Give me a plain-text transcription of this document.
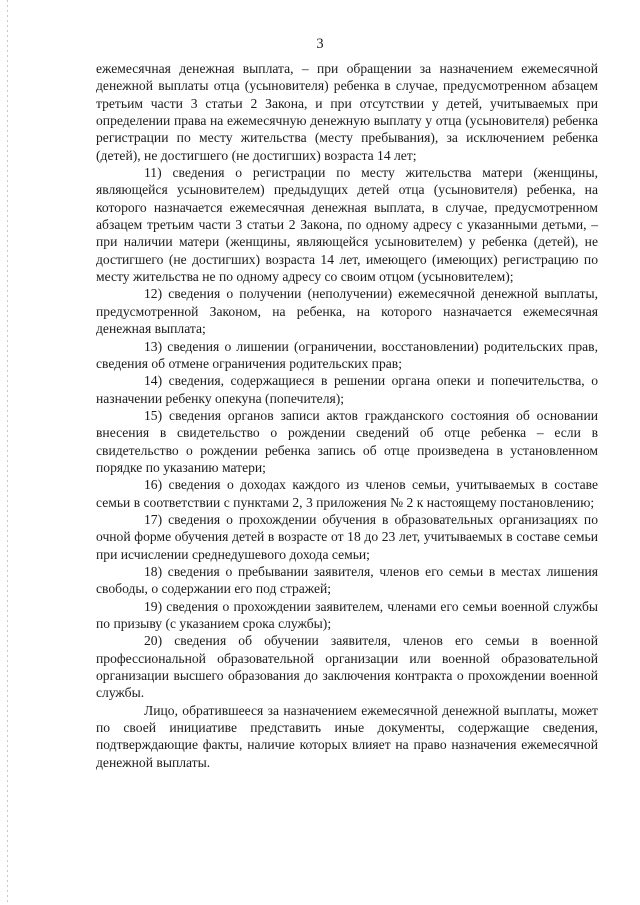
3

ежемесячная денежная выплата, – при обращении за назначением ежемесячной денежной выплаты отца (усыновителя) ребенка в случае, предусмотренном абзацем третьим части 3 статьи 2 Закона, и при отсутствии у детей, учитываемых при определении права на ежемесячную денежную выплату у отца (усыновителя) ребенка регистрации по месту жительства (месту пребывания), за исключением ребенка (детей), не достигшего (не достигших) возраста 14 лет;

11) сведения о регистрации по месту жительства матери (женщины, являющейся усыновителем) предыдущих детей отца (усыновителя) ребенка, на которого назначается ежемесячная денежная выплата, в случае, предусмотренном абзацем третьим части 3 статьи 2 Закона, по одному адресу с указанными детьми, – при наличии матери (женщины, являющейся усыновителем) у ребенка (детей), не достигшего (не достигших) возраста 14 лет, имеющего (имеющих) регистрацию по месту жительства не по одному адресу со своим отцом (усыновителем);

12) сведения о получении (неполучении) ежемесячной денежной выплаты, предусмотренной Законом, на ребенка, на которого назначается ежемесячная денежная выплата;

13) сведения о лишении (ограничении, восстановлении) родительских прав, сведения об отмене ограничения родительских прав;

14) сведения, содержащиеся в решении органа опеки и попечительства, о назначении ребенку опекуна (попечителя);

15) сведения органов записи актов гражданского состояния об основании внесения в свидетельство о рождении сведений об отце ребенка – если в свидетельство о рождении ребенка запись об отце произведена в установленном порядке по указанию матери;

16) сведения о доходах каждого из членов семьи, учитываемых в составе семьи в соответствии с пунктами 2, 3 приложения № 2 к настоящему постановлению;

17) сведения о прохождении обучения в образовательных организациях по очной форме обучения детей в возрасте от 18 до 23 лет, учитываемых в составе семьи при исчислении среднедушевого дохода семьи;

18) сведения о пребывании заявителя, членов его семьи в местах лишения свободы, о содержании его под стражей;

19) сведения о прохождении заявителем, членами его семьи военной службы по призыву (с указанием срока службы);

20) сведения об обучении заявителя, членов его семьи в военной профессиональной образовательной организации или военной образовательной организации высшего образования до заключения контракта о прохождении военной службы.

Лицо, обратившееся за назначением ежемесячной денежной выплаты, может по своей инициативе представить иные документы, содержащие сведения, подтверждающие факты, наличие которых влияет на право назначения ежемесячной денежной выплаты.
